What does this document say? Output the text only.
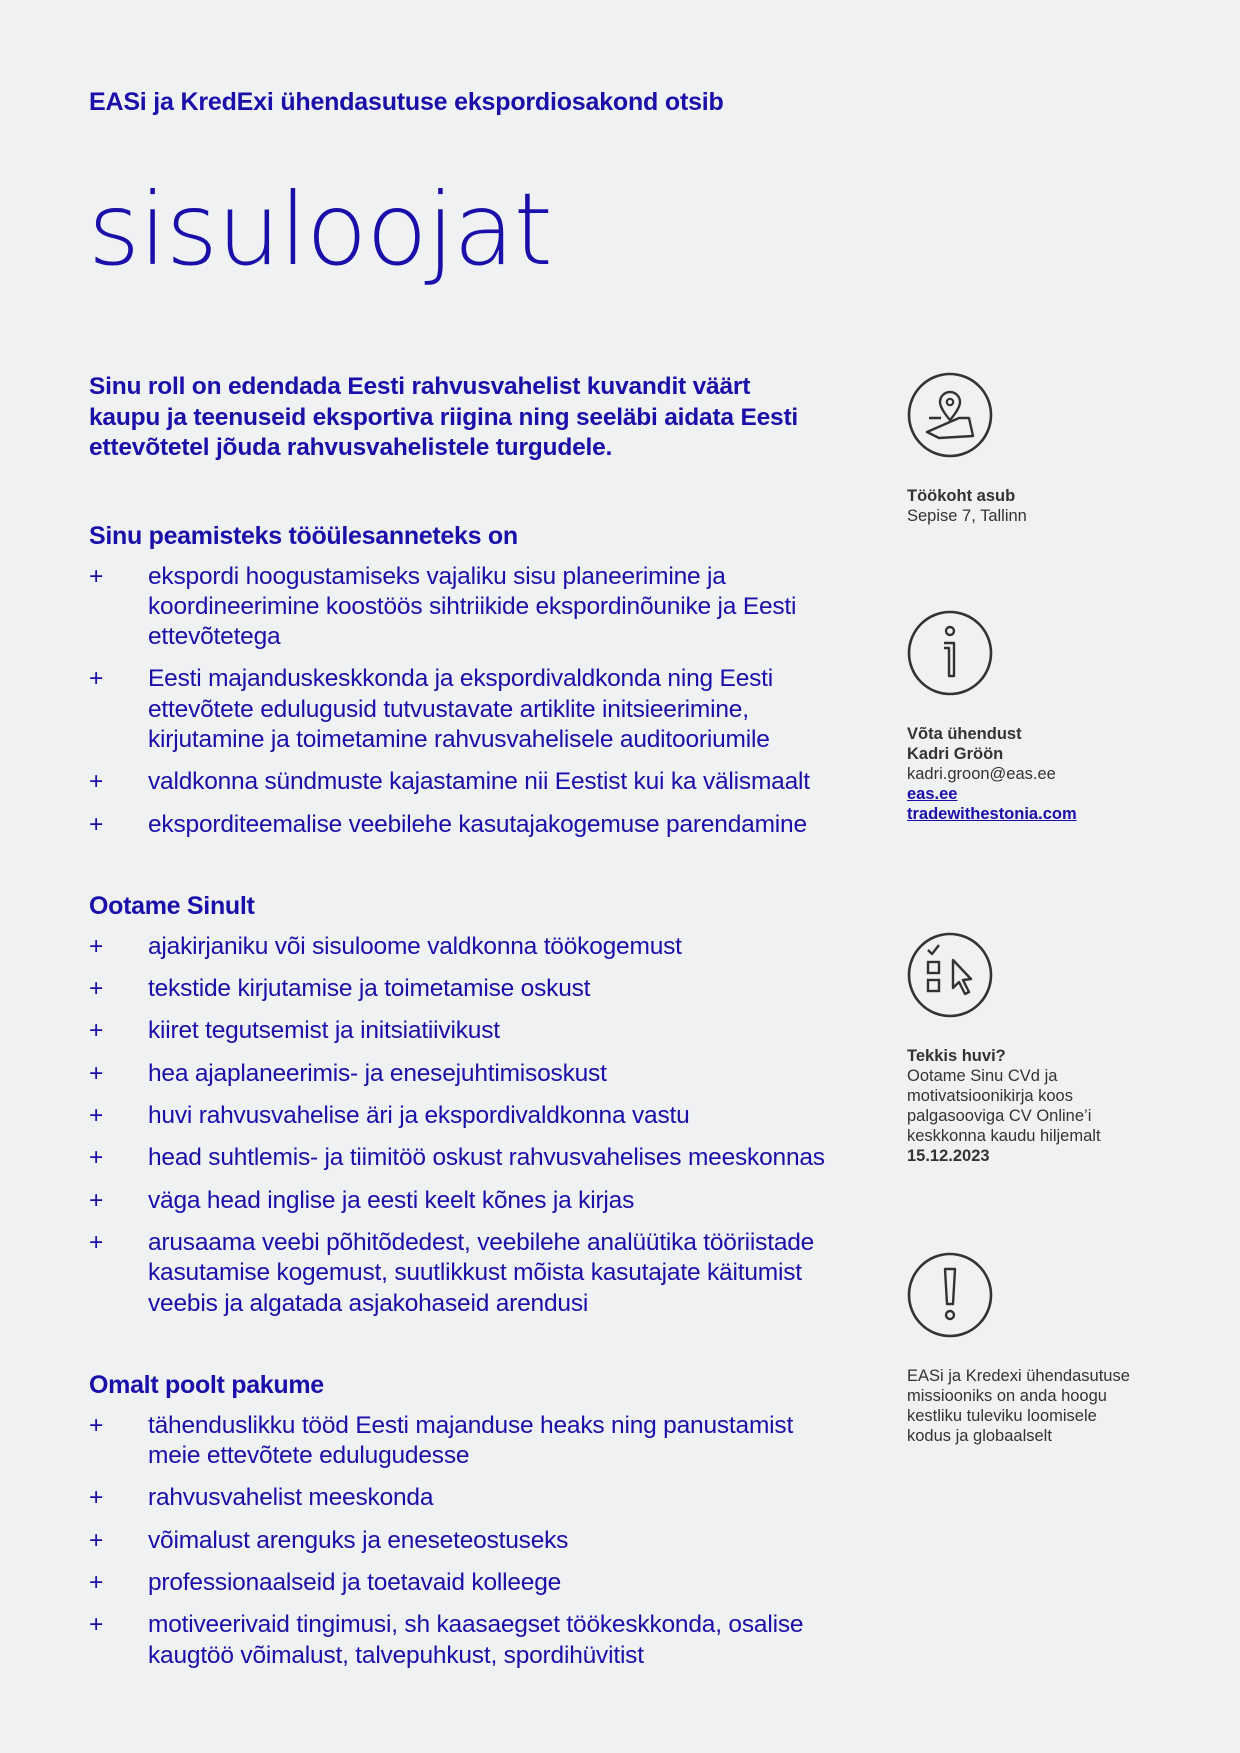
EASi ja KredExi ühendasutuse ekspordiosakond otsib
sisuloojat

Sinu roll on edendada Eesti rahvusvahelist kuvandit väärt
kaupu ja teenuseid eksportiva riigina ning seeläbi aidata Eesti
ettevõtetel jõuda rahvusvahelistele turgudele.

Sinu peamisteks tööülesanneteks on
+ ekspordi hoogustamiseks vajaliku sisu planeerimine ja
koordineerimine koostöös sihtriikide ekspordinõunike ja Eesti
ettevõtetega
+ Eesti majanduskeskkonda ja ekspordivaldkonda ning Eesti
ettevõtete edulugusid tutvustavate artiklite initsieerimine,
kirjutamine ja toimetamine rahvusvahelisele auditooriumile
+ valdkonna sündmuste kajastamine nii Eestist kui ka välismaalt
+ eksporditeemalise veebilehe kasutajakogemuse parendamine
Ootame Sinult
+ ajakirjaniku või sisuloome valdkonna töökogemust
+ tekstide kirjutamise ja toimetamise oskust
+ kiiret tegutsemist ja initsiatiivikust
+ hea ajaplaneerimis- ja enesejuhtimisoskust
+ huvi rahvusvahelise äri ja ekspordivaldkonna vastu
+ head suhtlemis- ja tiimitöö oskust rahvusvahelises meeskonnas
+ väga head inglise ja eesti keelt kõnes ja kirjas
+ arusaama veebi põhitõdedest, veebilehe analüütika tööriistade
kasutamise kogemust, suutlikkust mõista kasutajate käitumist
veebis ja algatada asjakohaseid arendusi
Omalt poolt pakume
+ tähenduslikku tööd Eesti majanduse heaks ning panustamist
meie ettevõtete edulugudesse
+ rahvusvahelist meeskonda
+ võimalust arenguks ja eneseteostuseks
+ professionaalseid ja toetavaid kolleege
+ motiveerivaid tingimusi, sh kaasaegset töökeskkonda, osalise
kaugtöö võimalust, talvepuhkust, spordihüvitist
Töökoht asub
Sepise 7, Tallinn
Võta ühendust
Kadri Gröön
kadri.groon@eas.ee
eas.ee
tradewithestonia.com
Tekkis huvi?
Ootame Sinu CVd ja
motivatsioonikirja koos
palgasooviga CV Online’i
keskkonna kaudu hiljemalt
15.12.2023
EASi ja Kredexi ühendasutuse
missiooniks on anda hoogu
kestliku tuleviku loomisele
kodus ja globaalselt
